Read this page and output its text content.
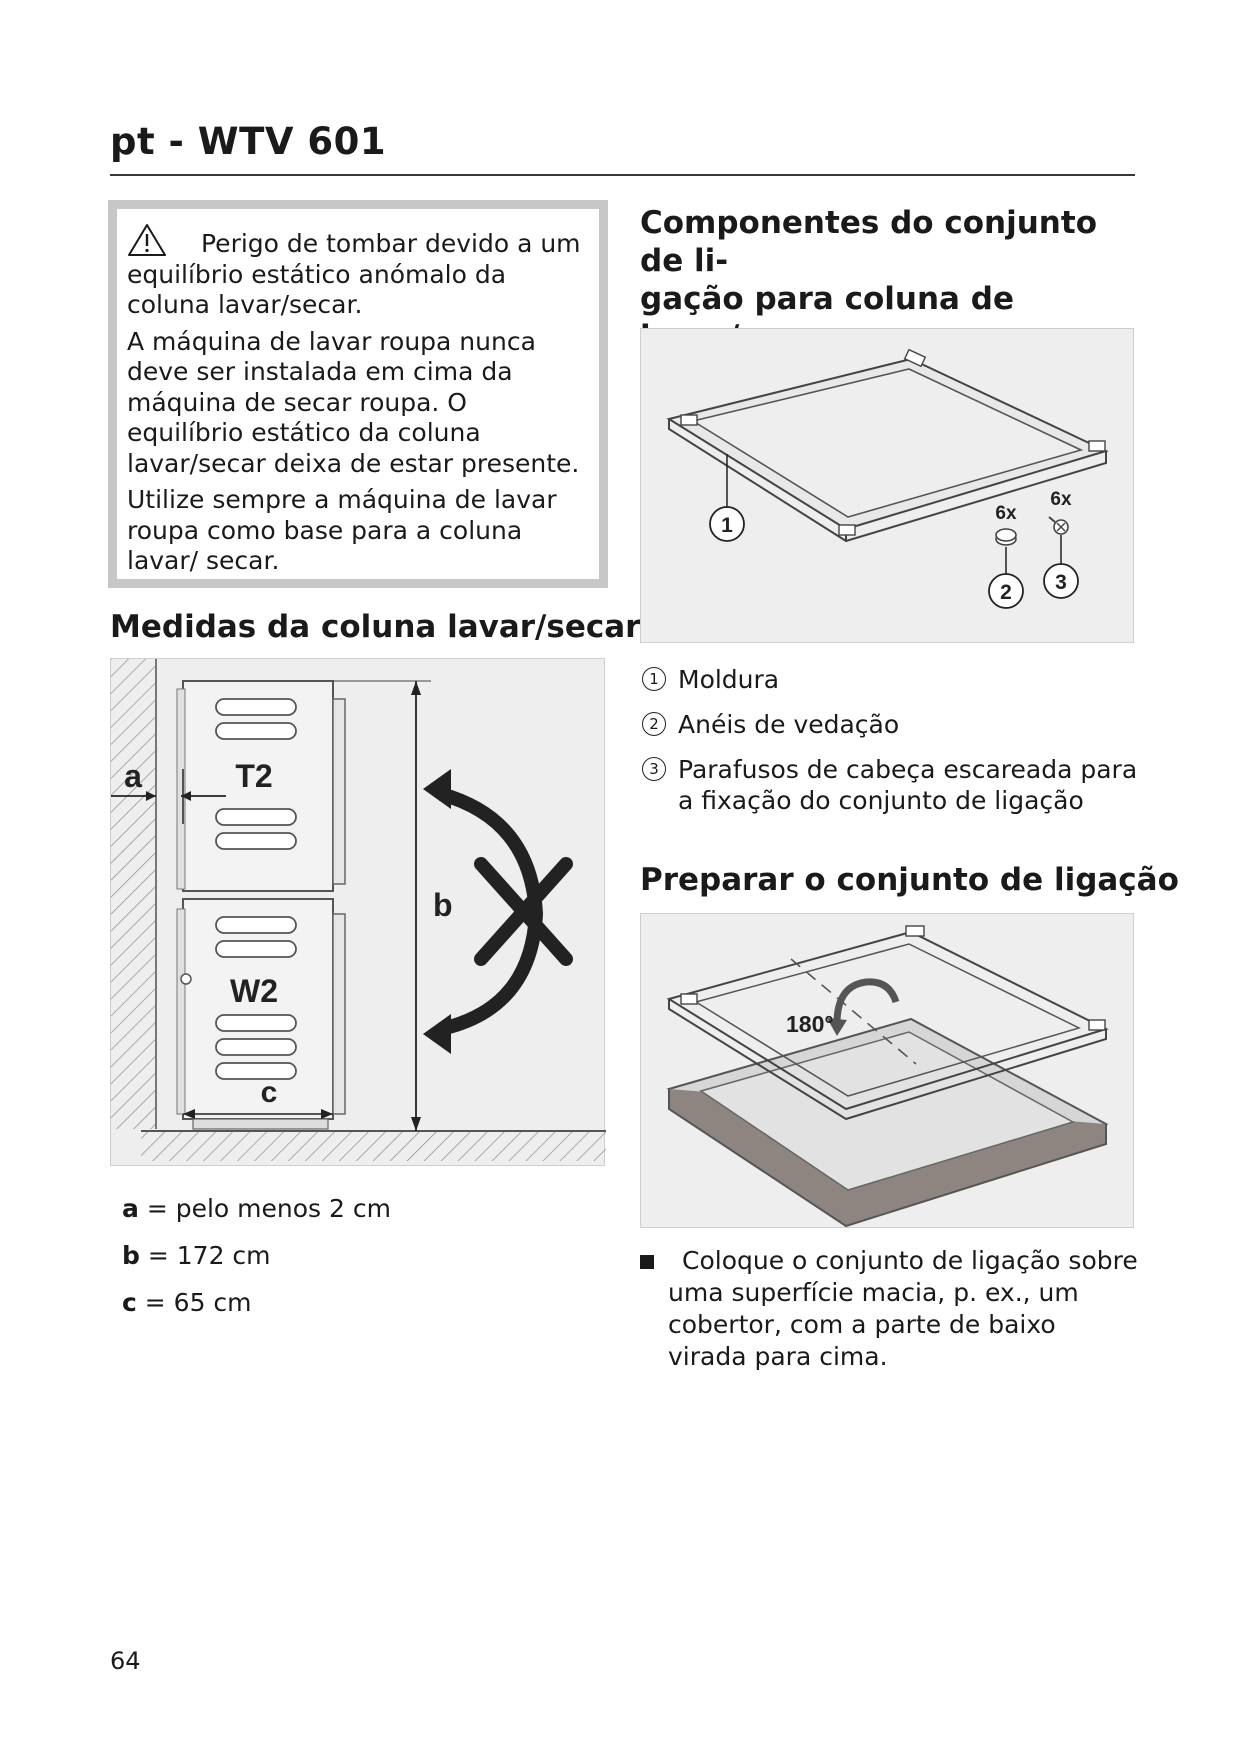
pt - WTV 601

Perigo de tombar devido a um equilíbrio estático anómalo da coluna lavar/secar.

A máquina de lavar roupa nunca deve ser instalada em cima da máquina de secar roupa. O equilíbrio estático da coluna lavar/secar deixa de estar presente.

Utilize sempre a máquina de lavar roupa como base para a coluna lavar/ secar.

Medidas da coluna lavar/secar
T2
W2
a
b
c
a = pelo menos 2 cm
b = 172 cm
c = 65 cm
Componentes do conjunto de li-
gação para coluna de
1
6x
2
6x
3
1 Moldura
2 Anéis de vedação
3 Parafusos de cabeça escareada para a fixação do conjunto de ligação
Preparar o conjunto de ligação
180°
Coloque o conjunto de ligação sobre uma superfície macia, p. ex., um cobertor, com a parte de baixo virada para cima.
64
